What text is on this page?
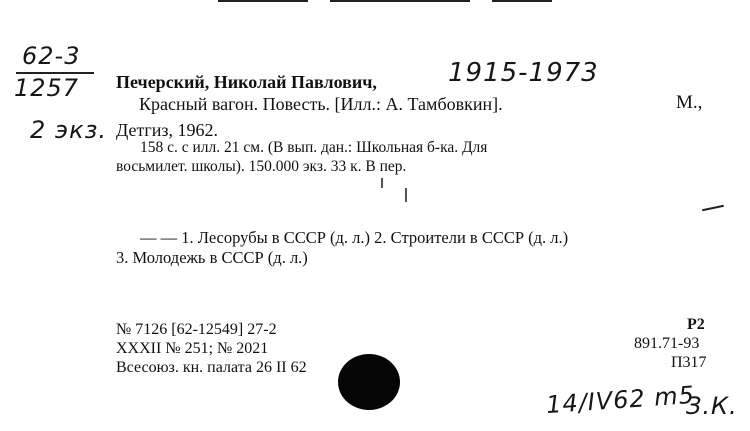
62-3
1257
2 экз.
Печерский, Николай Павлович,	1915-1973
Красный вагон. Повесть. [Илл.: А. Тамбовкин].	М.,
Детгиз, 1962.
158 с. с илл. 21 см. (В вып. дан.: Школьная б-ка. Для
восьмилет. школы). 150.000 экз. 33 к. В пер.
— — 1. Лесорубы в СССР (д. л.) 2. Строители в СССР (д. л.)
3. Молодежь в СССР (д. л.)
№ 7126 [62-12549] 27-2
XXXII № 251; № 2021
Всесоюз. кн. палата 26 II 62
Р2
891.71-93
П317
14/IV62 m5
З.К.
